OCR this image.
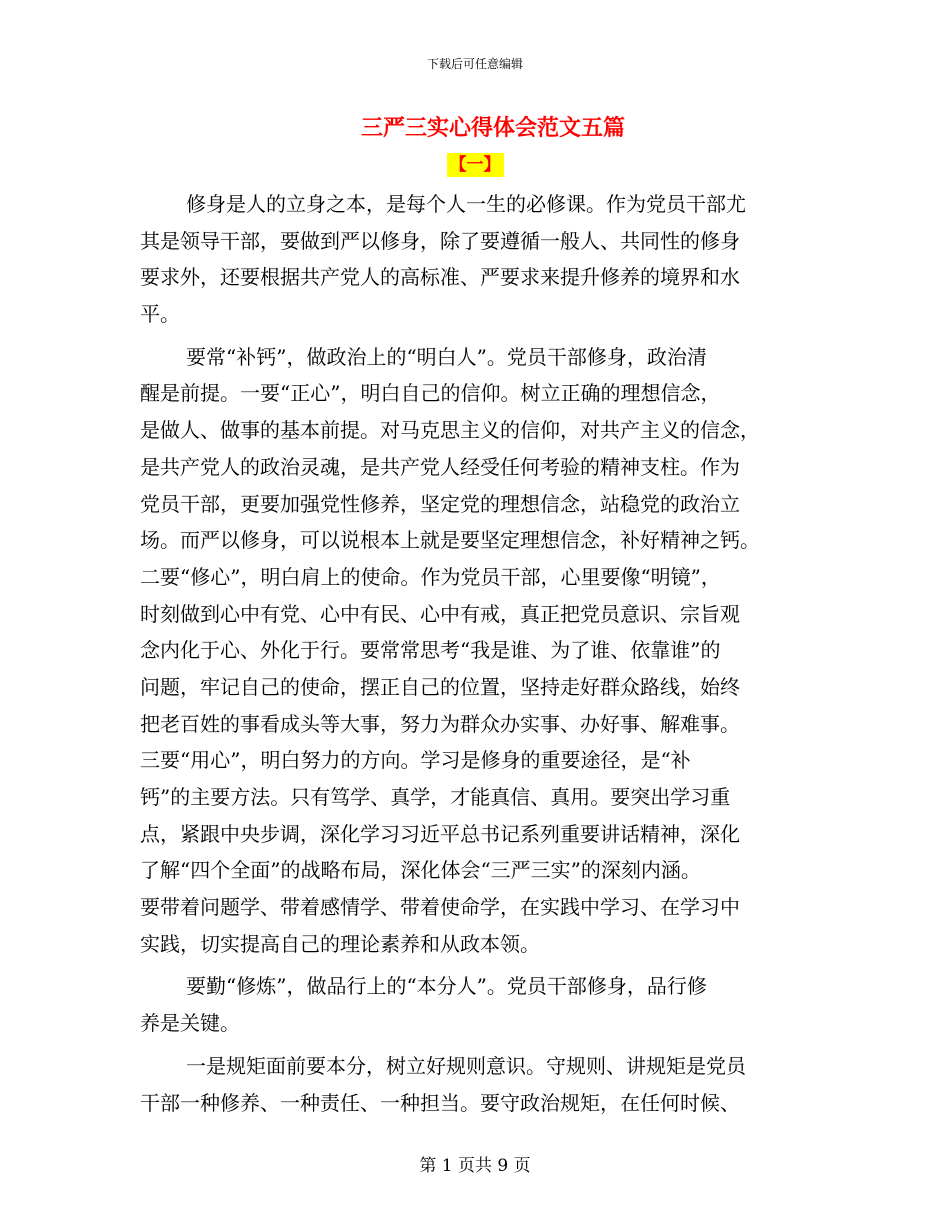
下载后可任意编辑
三严三实心得体会范文五篇
【一】
修身是人的立身之本，是每个人一生的必修课。作为党员干部尤
其是领导干部，要做到严以修身，除了要遵循一般人、共同性的修身
要求外，还要根据共产党人的高标准、严要求来提升修养的境界和水
平。
要常“补钙”，做政治上的“明白人”。党员干部修身，政治清
醒是前提。一要“正心”，明白自己的信仰。树立正确的理想信念，
是做人、做事的基本前提。对马克思主义的信仰，对共产主义的信念，
是共产党人的政治灵魂，是共产党人经受任何考验的精神支柱。作为
党员干部，更要加强党性修养，坚定党的理想信念，站稳党的政治立
场。而严以修身，可以说根本上就是要坚定理想信念，补好精神之钙。
二要“修心”，明白肩上的使命。作为党员干部，心里要像“明镜”，
时刻做到心中有党、心中有民、心中有戒，真正把党员意识、宗旨观
念内化于心、外化于行。要常常思考“我是谁、为了谁、依靠谁”的
问题，牢记自己的使命，摆正自己的位置，坚持走好群众路线，始终
把老百姓的事看成头等大事，努力为群众办实事、办好事、解难事。
三要“用心”，明白努力的方向。学习是修身的重要途径，是“补
钙”的主要方法。只有笃学、真学，才能真信、真用。要突出学习重
点，紧跟中央步调，深化学习习近平总书记系列重要讲话精神，深化
了解“四个全面”的战略布局，深化体会“三严三实”的深刻内涵。
要带着问题学、带着感情学、带着使命学，在实践中学习、在学习中
实践，切实提高自己的理论素养和从政本领。
要勤“修炼”，做品行上的“本分人”。党员干部修身，品行修
养是关键。
一是规矩面前要本分，树立好规则意识。守规则、讲规矩是党员
干部一种修养、一种责任、一种担当。要守政治规矩，在任何时候、
第 1 页共 9 页
